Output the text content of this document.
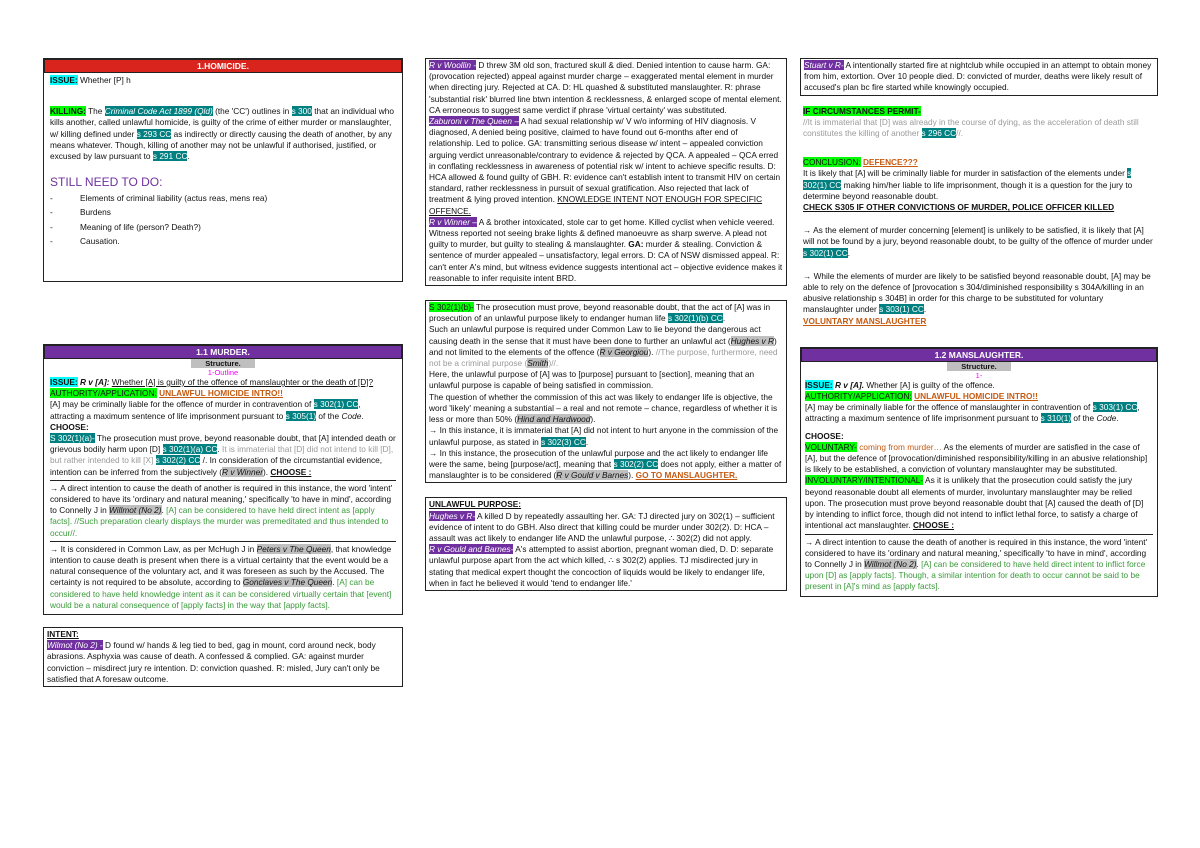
1.HOMICIDE.

ISSUE: Whether [P] h

KILLING: The Criminal Code Act 1899 (Qld) (the 'CC') outlines in s 300 that an individual who kills another, called unlawful homicide, is guilty of the crime of either murder or manslaughter, w/ killing defined under s 293 CC as indirectly or directly causing the death of another, by any means whatever. Though, killing of another may not be unlawful if authorised, justified, or excused by law pursuant to s 291 CC.

STILL NEED TO DO:

-	Elements of criminal liability (actus reas, mens rea)
-	Burdens
-	Meaning of life (person? Death?)
-	Causation.
1.1 MURDER.
Structure.
1-Outline

ISSUE: R v [A]: Whether [A] is guilty of the offence of manslaughter or the death of [D]?

AUTHORITY/APPLICATION: UNLAWFUL HOMICIDE INTRO!!

[A] may be criminally liable for the offence of murder in contravention of s 302(1) CC, attracting a maximum sentence of life imprisonment pursuant to s 305(1) of the Code. CHOOSE:

S 302(1)(a)- The prosecution must prove, beyond reasonable doubt, that [A] intended death or grievous bodily harm upon [D] s 302(1)(a) CC. It is immaterial that [D] did not intend to kill [D], but rather intended to kill [X] s 302(2) CC /. In consideration of the circumstantial evidence, intention can be inferred from the subjectively (R v Winner). CHOOSE :

→ A direct intention to cause the death of another is required in this instance, the word 'intent' considered to have its 'ordinary and natural meaning,' specifically 'to have in mind', according to Connelly J in Willmot (No 2). [A] can be considered to have held direct intent as [apply facts]. //Such preparation clearly displays the murder was premeditated and thus intended to occur//.

→ It is considered in Common Law, as per McHugh J in Peters v The Queen, that knowledge intention to cause death is present when there is a virtual certainty that the event would be a natural consequence of the voluntary act, and it was foreseen as such by the Accused. The certainty is not required to be absolute, according to Gonclaves v The Queen. [A] can be considered to have held knowledge intent as it can be considered virtually certain that [event] would be a natural consequence of [apply facts] in the way that [apply facts].

INTENT:

Wilmot (No 2) - D found w/ hands & leg tied to bed, gag in mount, cord around neck, body abrasions. Asphyxia was cause of death. A confessed & complied. GA: against murder conviction – misdirect jury re intention. D: conviction quashed. R: misled, Jury can't only be satisfied that A foresaw outcome.

R v Woollin - D threw 3M old son, fractured skull & died. Denied intention to cause harm. GA: (provocation rejected) appeal against murder charge – exaggerated mental element in murder when directing jury. Rejected at CA. D: HL quashed & substituted manslaughter. R: phrase 'substantial risk' blurred line btwn intention & recklessness, & enlarged scope of mental element. CA erroneous to suggest same verdict if phrase 'virtual certainty' was substituted.

Zaburoni v The Queen – A had sexual relationship w/ V w/o informing of HIV diagnosis. V diagnosed, A denied being positive, claimed to have found out 6-months after end of relationship. Led to police. GA: transmitting serious disease w/ intent – appealed conviction arguing verdict unreasonable/contrary to evidence & rejected by QCA. A appealed – QCA erred in conflating recklessness in awareness of potential risk w/ intent to achieve specific results. D: HCA allowed & found guilty of GBH. R: evidence can't establish intent to transmit HIV on certain standard, rather recklessness in pursuit of sexual gratification. Also rejected that lack of treatment & lying proved intention. KNOWLEDGE INTENT NOT ENOUGH FOR SPECIFIC OFFENCE.

R v Winner – A & brother intoxicated, stole car to get home. Killed cyclist when vehicle veered. Witness reported not seeing brake lights & defined manoeuvre as sharp swerve. A plead not guilty to murder, but guilty to stealing & manslaughter. GA: murder & stealing. Conviction & sentence of murder appealed – unsatisfactory, legal errors. D: CA of NSW dismissed appeal. R: can't enter A's mind, but witness evidence suggests intentional act – objective evidence makes it reasonable to infer requisite intent BRD.

S 302(1)(b)- The prosecution must prove, beyond reasonable doubt, that the act of [A] was in prosecution of an unlawful purpose likely to endanger human life s 302(1)(b) CC.

Such an unlawful purpose is required under Common Law to lie beyond the dangerous act causing death in the sense that it must have been done to further an unlawful act (Hughes v R) and not limited to the elements of the offence (R v Georgiou). //The purpose, furthermore, need not be a criminal purpose (Smith)//.

Here, the unlawful purpose of [A] was to [purpose] pursuant to [section], meaning that an unlawful purpose is capable of being satisfied in commission.

The question of whether the commission of this act was likely to endanger life is objective, the word 'likely' meaning a substantial – a real and not remote – chance, regardless of whether it is less or more than 50% (Hind and Hardwood).

→ In this instance, it is immaterial that [A] did not intent to hurt anyone in the commission of the unlawful purpose, as stated in s 302(3) CC.

→ In this instance, the prosecution of the unlawful purpose and the act likely to endanger life were the same, being [purpose/act], meaning that s 302(2) CC does not apply, either a matter of manslaughter is to be considered (R v Gould v Barnes). GO TO MANSLAUGHTER.

UNLAWFUL PURPOSE:

Hughes v R- A killed D by repeatedly assaulting her. GA: TJ directed jury on 302(1) – sufficient evidence of intent to do GBH. Also direct that killing could be murder under 302(2). D: HCA –assault was act likely to endanger life AND the unlawful purpose, ∴ 302(2) did not apply.

R v Gould and Barnes- A's attempted to assist abortion, pregnant woman died, D. D: separate unlawful purpose apart from the act which killed, ∴ s 302(2) applies. TJ misdirected jury in stating that medical expert thought the concoction of liquids would be likely to endanger life, when in fact he believed it would 'tend to endanger life.'

Stuart v R- A intentionally started fire at nightclub while occupied in an attempt to obtain money from him, extortion. Over 10 people died. D: convicted of murder, deaths were likely result of accused's plan bc fire started while knowingly occupied.

IF CIRCUMSTANCES PERMIT-

//It is immaterial that [D] was already in the course of dying, as the acceleration of death still constitutes the killing of another s 296 CC//.

CONCLUSION: DEFENCE???

It is likely that [A] will be criminally liable for murder in satisfaction of the elements under s 302(1) CC making him/her liable to life imprisonment, though it is a question for the jury to determine beyond reasonable doubt.

CHECK S305 IF OTHER CONVICTIONS OF MURDER, POLICE OFFICER KILLED

→ As the element of murder concerning [element] is unlikely to be satisfied, it is likely that [A] will not be found by a jury, beyond reasonable doubt, to be guilty of the offence of murder under s 302(1) CC.

→ While the elements of murder are likely to be satisfied beyond reasonable doubt, [A] may be able to rely on the defence of [provocation s 304/diminished responsibility s 304A/killing in an abusive relationship s 304B] in order for this charge to be substituted for voluntary manslaughter under s 303(1) CC.

VOLUNTARY MANSLAUGHTER

1.2 MANSLAUGHTER.
Structure.
1-

ISSUE: R v [A]. Whether [A] is guilty of the offence.

AUTHORITY/APPLICATION: UNLAWFUL HOMICIDE INTRO!!

[A] may be criminally liable for the offence of manslaughter in contravention of s 303(1) CC, attracting a maximum sentence of life imprisonment pursuant to s 310(1) of the Code.

CHOOSE:

VOLUNTARY- coming from murder… As the elements of murder are satisfied in the case of [A], but the defence of [provocation/diminished responsibility/killing in an abusive relationship] is likely to be established, a conviction of voluntary manslaughter may be substituted.

INVOLUNTARY/INTENTIONAL- As it is unlikely that the prosecution could satisfy the jury beyond reasonable doubt all elements of murder, involuntary manslaughter may be relied upon. The prosecution must prove beyond reasonable doubt that [A] caused the death of [D] by intending to inflict force, though did not intend to inflict lethal force, to satisfy a charge of intentional act manslaughter. CHOOSE :

→ A direct intention to cause the death of another is required in this instance, the word 'intent' considered to have its 'ordinary and natural meaning,' specifically 'to have in mind', according to Connelly J in Willmot (No 2). [A] can be considered to have held direct intent to inflict force upon [D] as [apply facts]. Though, a similar intention for death to occur cannot be said to be present in [A]'s mind as [apply facts].
